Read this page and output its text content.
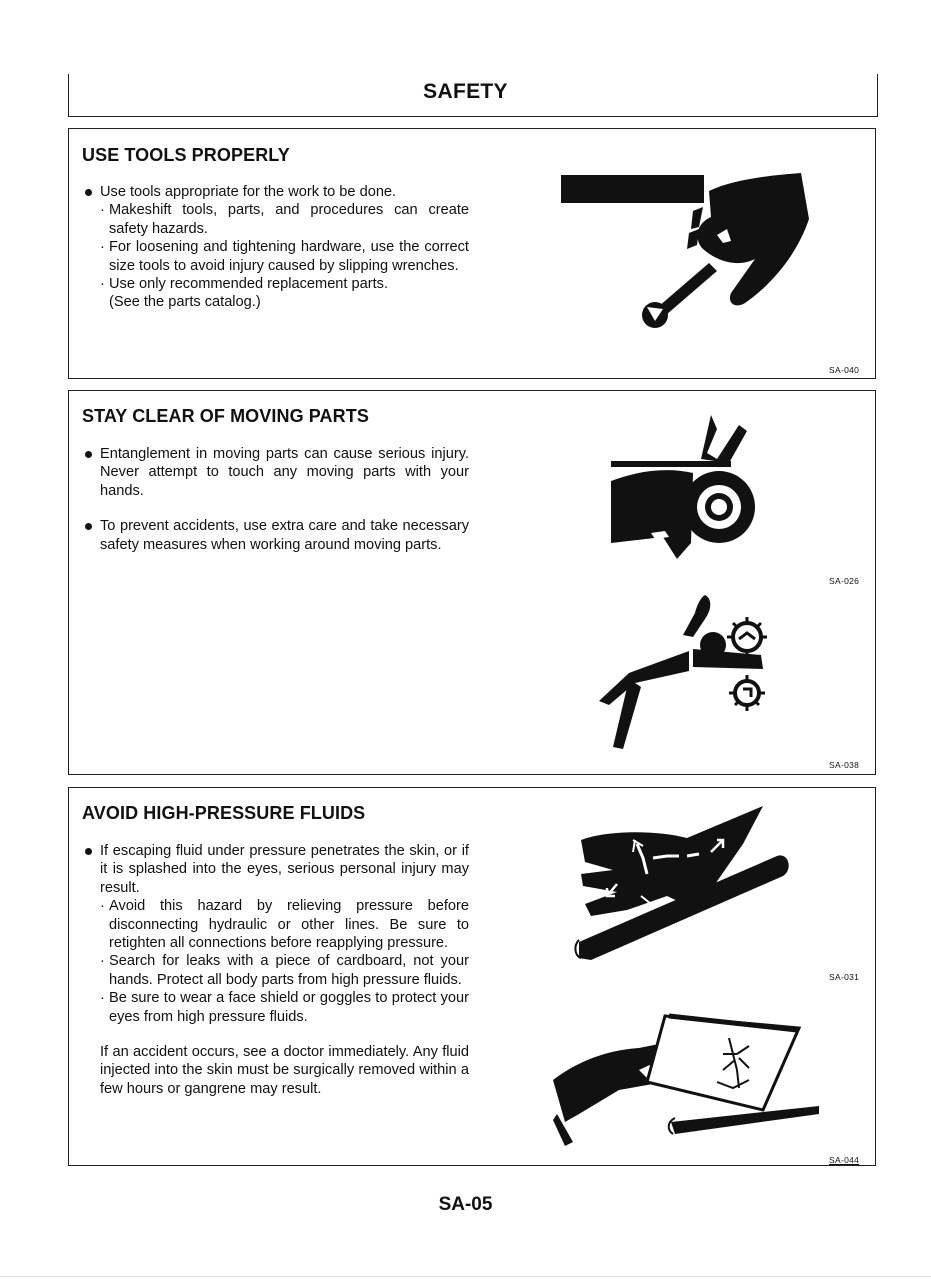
SAFETY
USE TOOLS PROPERLY
Use tools appropriate for the work to be done.
· Makeshift tools, parts, and procedures can create safety hazards.
· For loosening and tightening hardware, use the correct size tools to avoid injury caused by slipping wrenches.
· Use only recommended replacement parts. (See the parts catalog.)
SA-040
STAY CLEAR OF MOVING PARTS
Entanglement in moving parts can cause serious injury. Never attempt to touch any moving parts with your hands.
To prevent accidents, use extra care and take necessary safety measures when working around moving parts.
SA-026
SA-038
AVOID HIGH-PRESSURE FLUIDS
If escaping fluid under pressure penetrates the skin, or if it is splashed into the eyes, serious personal injury may result.
· Avoid this hazard by relieving pressure before disconnecting hydraulic or other lines. Be sure to retighten all connections before reapplying pressure.
· Search for leaks with a piece of cardboard, not your hands. Protect all body parts from high pressure fluids.
· Be sure to wear a face shield or goggles to protect your eyes from high pressure fluids.
If an accident occurs, see a doctor immediately. Any fluid injected into the skin must be surgically removed within a few hours or gangrene may result.
SA-031
SA-044
SA-05
